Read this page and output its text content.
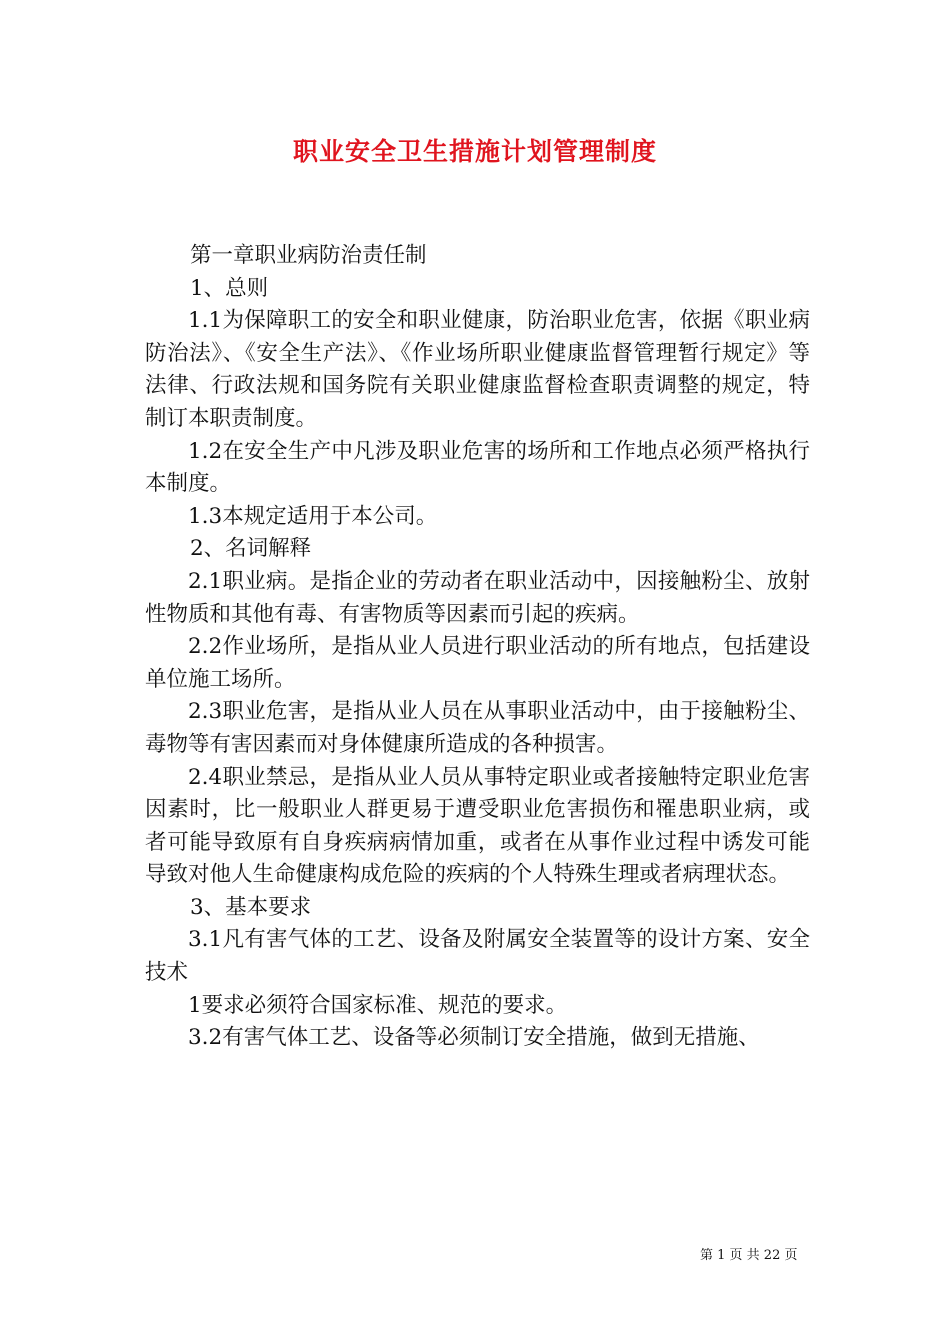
职业安全卫生措施计划管理制度

第一章职业病防治责任制

1、总则

1.1为保障职工的安全和职业健康，防治职业危害，依据《职业病防治法》、《安全生产法》、《作业场所职业健康监督管理暂行规定》等法律、行政法规和国务院有关职业健康监督检查职责调整的规定，特制订本职责制度。

1.2在安全生产中凡涉及职业危害的场所和工作地点必须严格执行本制度。

1.3本规定适用于本公司。

2、名词解释

2.1职业病。是指企业的劳动者在职业活动中，因接触粉尘、放射性物质和其他有毒、有害物质等因素而引起的疾病。

2.2作业场所，是指从业人员进行职业活动的所有地点，包括建设单位施工场所。

2.3职业危害，是指从业人员在从事职业活动中，由于接触粉尘、毒物等有害因素而对身体健康所造成的各种损害。

2.4职业禁忌，是指从业人员从事特定职业或者接触特定职业危害因素时，比一般职业人群更易于遭受职业危害损伤和罹患职业病，或者可能导致原有自身疾病病情加重，或者在从事作业过程中诱发可能导致对他人生命健康构成危险的疾病的个人特殊生理或者病理状态。

3、基本要求

3.1凡有害气体的工艺、设备及附属安全装置等的设计方案、安全技术

1要求必须符合国家标准、规范的要求。

3.2有害气体工艺、设备等必须制订安全措施，做到无措施、

第 1 页 共 22 页
